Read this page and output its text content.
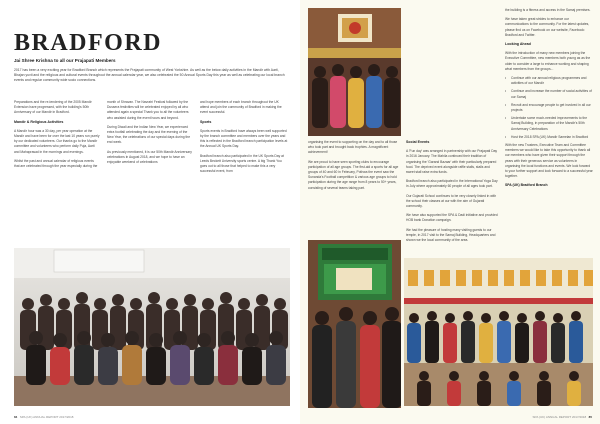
BRADFORD
Jai Shree Krishna to all our Prajapati Members
2017 has been a very exciting year for Bradford Branch which represents the Prajapati community of West Yorkshire. As well as the below daily activities in the Mandir with Aarti, Bhajan yuvti and the religious and cultural events throughout the annual calendar year, we also celebrated the 50 Annual Sports Day this year as well as celebrating our local branch events and regular community wide socio connections.

Preparations and the re-tendering of the 2005 Mandir Extension have progressed, with the building's 50th Anniversary of our Mandir in Bradford.

Mandir & Religious Activities

A Mandir hour was a 30 day, per year operation at the Mandir and have been for over the last 10 years run purely by our dedicated volunteers. Our thanks go to the Mandir committee and volunteers who perform daily Puja, Aarti and Mahaprasad in the mornings and evenings.

Whilst the past and annual calendar of religious events that are celebrated through the year especially during the

month of Shravan. The Navratri Festival followed by the Dussera festivities will be celebrated enjoyed by all who attended again a special Thank you to all the volunteers who assisted during the event hours and beyond.

During Diwali and the Indian New Year, we experienced extra footfall celebrating the day and the evening of the New Year, the celebrations of our special days during the end week.

As previously mentioned, it is our 50th Mandir Anniversary celebrations in August 2018, and we hope to have an enjoyable weekend of celebrations

and hope members of each branch throughout the UK attend and join the community of Bradford in making the event successful.

Sports

Sports events in Bradford have always been well supported by the branch committee and members over the years and this is reflected in the Bradford branch participation levels at the Annual UK Sports Day.

Bradford branch also participated in the UK Sports Day at Leeds Beckett University sports centre. A big Thank You goes out to all those that helped to make this a very successful event, from

84 SPA (UK) ANNUAL REPORT 2017/2018

organising the event to supporting on the day and to all those who took part and brought back trophies. A magnificent achievement!

We are proud to have seen sporting clubs to encourage participation of all age groups. The first-aid a sports for all age groups of 40 and 60 in February, Pothwa the event saw the Sunanda's Football competition & various age groups to hold participation during the age range from 8 years to 50+ years, consisting of several teams taking part.

Social Events

A 'Fun day' was arranged in partnership with our Prajapati Day in 2016 January. The Mahila continued their tradition of organising the 'Garand Bazaar' with their particularly prepared food. The deprived event alongside raffle stalls, stalls and sweet stall raise extra funds.

Bradford branch also participated in the International Yoga Day in July where approximately 60 people of all ages took part.

Our Gujarati School continues to be very closely linked in with the school their classes at our with the aim of Gujarati community.

We have also supported the SPA & Dadi initiative and provided HOB bank Donation campaign.

We had the pleasure of hosting many visiting guests to our temple, in 2017 visit to the Samaj Building, Headquarters and shown we the local community of the area.

the building is a fitness and access in the Samaj premises.

We have taken great strides to enhance our communications to the community. For the latest updates, please find us on Facebook on our website, Facebook: Bradford and Twitter.

Looking Ahead

With the introduction of many new members joining the Executive Committee, new members both young as as the older to consider a large to enhance working and shaping what members from the groups...

• Continue with our annual religious programmes and activities of our Mandir
• Continue and increase the number of social activities of our Samaj
• Recruit and encourage people to get involved in all our projects
• Undertake some much-needed improvements to the Samaj Building, in preparation of the Mandir's 50th Anniversary Celebrations
• Host the 2018 SPA (UK) Mandir Samelan in Bradford

With the new Trustees, Executive Team and Committee members we would like to take this opportunity to thank all our members who have given their support through the years with their generous service as volunteers in organising the local functions and events. We look forward to your further support and look forward to a successful year together.

SPA (UK) Bradford Branch

SPA (UK) ANNUAL REPORT 2017/2018 85
